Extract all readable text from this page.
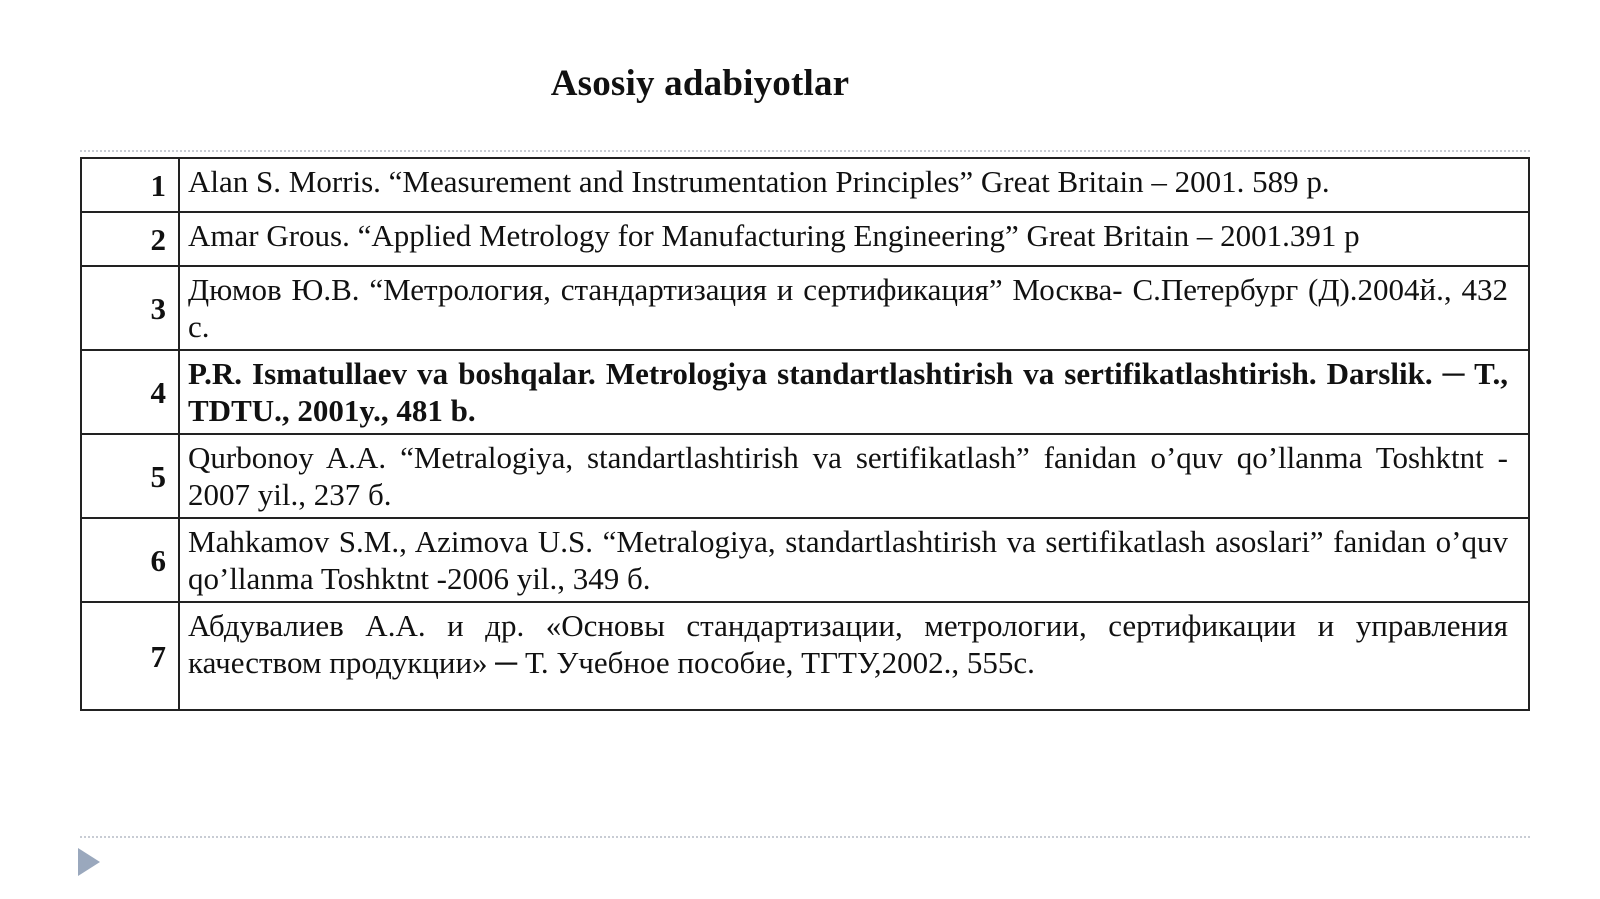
Asosiy adabiyotlar
1	Alan S. Morris. “Measurement and Instrumentation Principles” Great Britain – 2001. 589 p.
2	Amar Grous. “Applied Metrology for Manufacturing Engineering” Great Britain – 2001.391 p
3	Дюмов Ю.В. “Метрология, стандартизация и сертификация” Москва- С.Петербург (Д).2004й., 432 с.
4	P.R. Ismatullaev va boshqalar. Metrologiya standartlashtirish va sertifikatlashtirish. Darslik. ─ T., TDTU., 2001y., 481 b.
5	Qurbonoy A.A. “Metralogiya, standartlashtirish va sertifikatlash” fanidan o’quv qo’llanma Toshktnt - 2007 yil., 237 б.
6	Mahkamov S.M., Azimova U.S. “Metralogiya, standartlashtirish va sertifikatlash asoslari” fanidan o’quv qo’llanma Toshktnt -2006 yil., 349 б.
7	Абдувалиев А.А. и др. «Основы стандартизации, метрологии, сертификации и управления качеством продукции» ─ Т. Учебное пособие, ТГТУ,2002., 555с.
